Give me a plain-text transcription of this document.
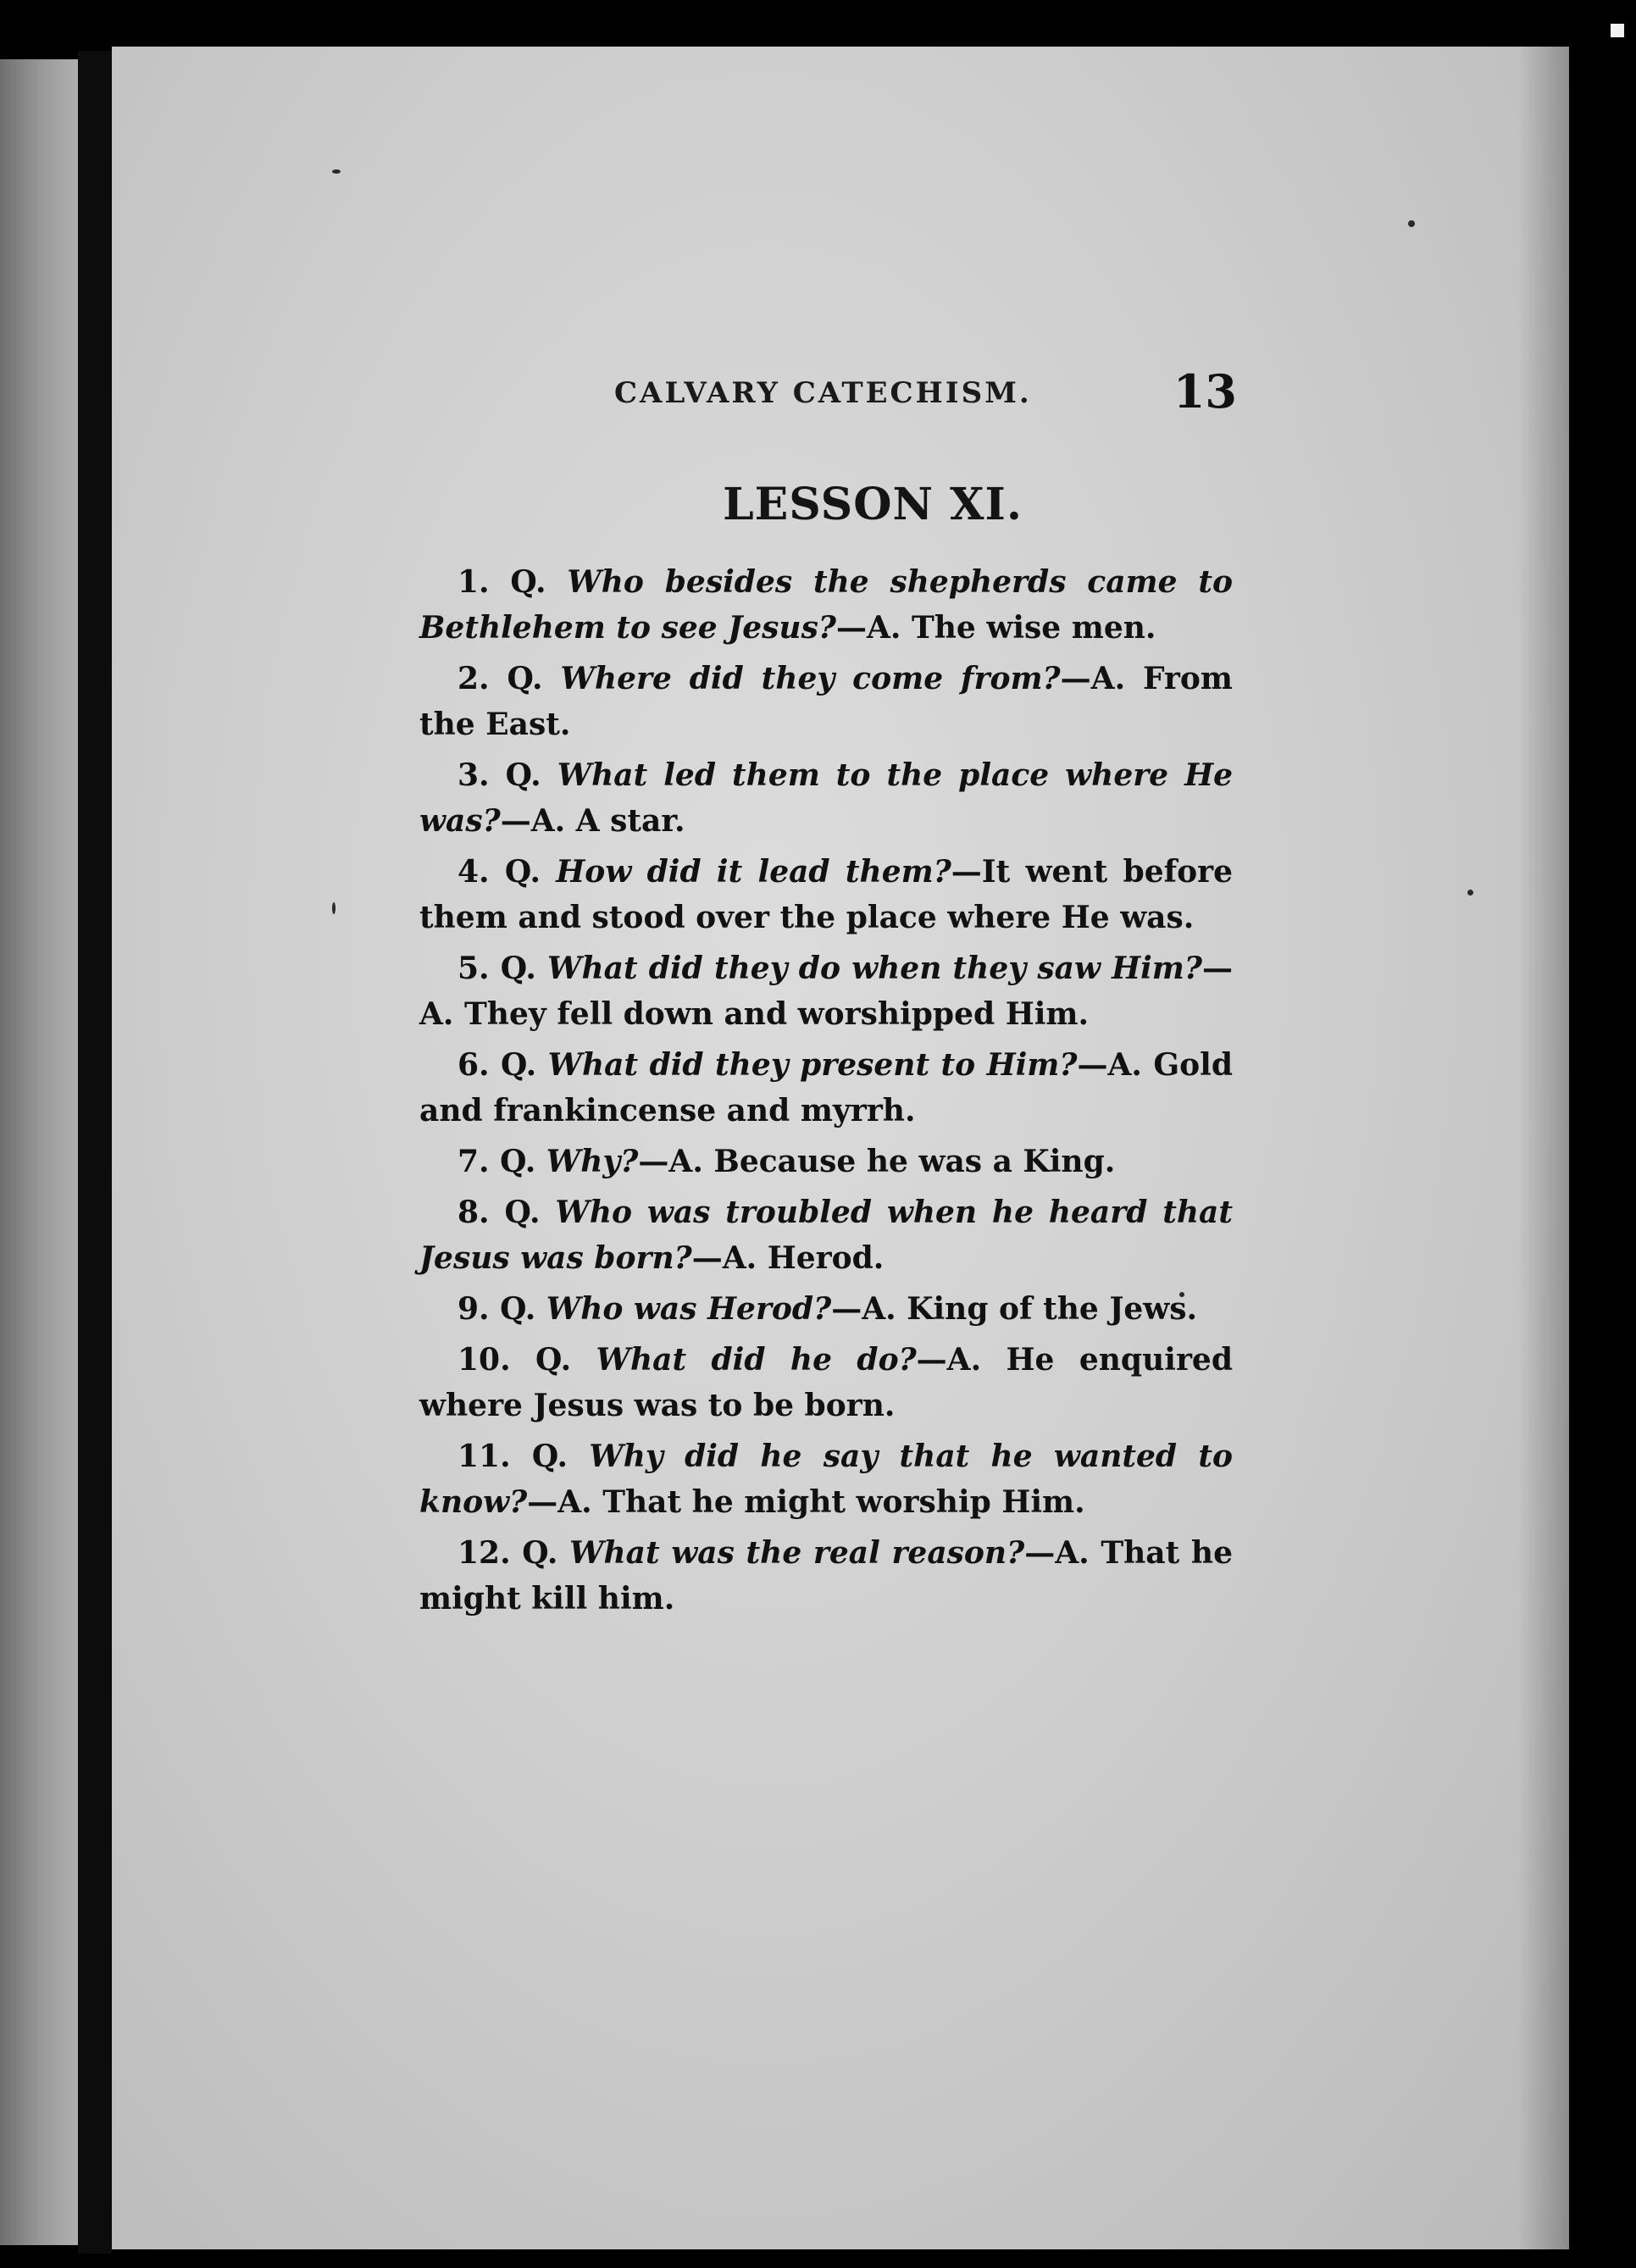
CALVARY CATECHISM.	13
LESSON XI.

1. Q. Who besides the shepherds came to Bethlehem to see Jesus?—A. The wise men.

2. Q. Where did they come from?—A. From the East.

3. Q. What led them to the place where He was?—A. A star.

4. Q. How did it lead them?—It went before them and stood over the place where He was.

5. Q. What did they do when they saw Him?—A. They fell down and worshipped Him.

6. Q. What did they present to Him?—A. Gold and frankincense and myrrh.

7. Q. Why?—A. Because he was a King.

8. Q. Who was troubled when he heard that Jesus was born?—A. Herod.

9. Q. Who was Herod?—A. King of the Jews.

10. Q. What did he do?—A. He enquired where Jesus was to be born.

11. Q. Why did he say that he wanted to know?—A. That he might worship Him.

12. Q. What was the real reason?—A. That he might kill him.
